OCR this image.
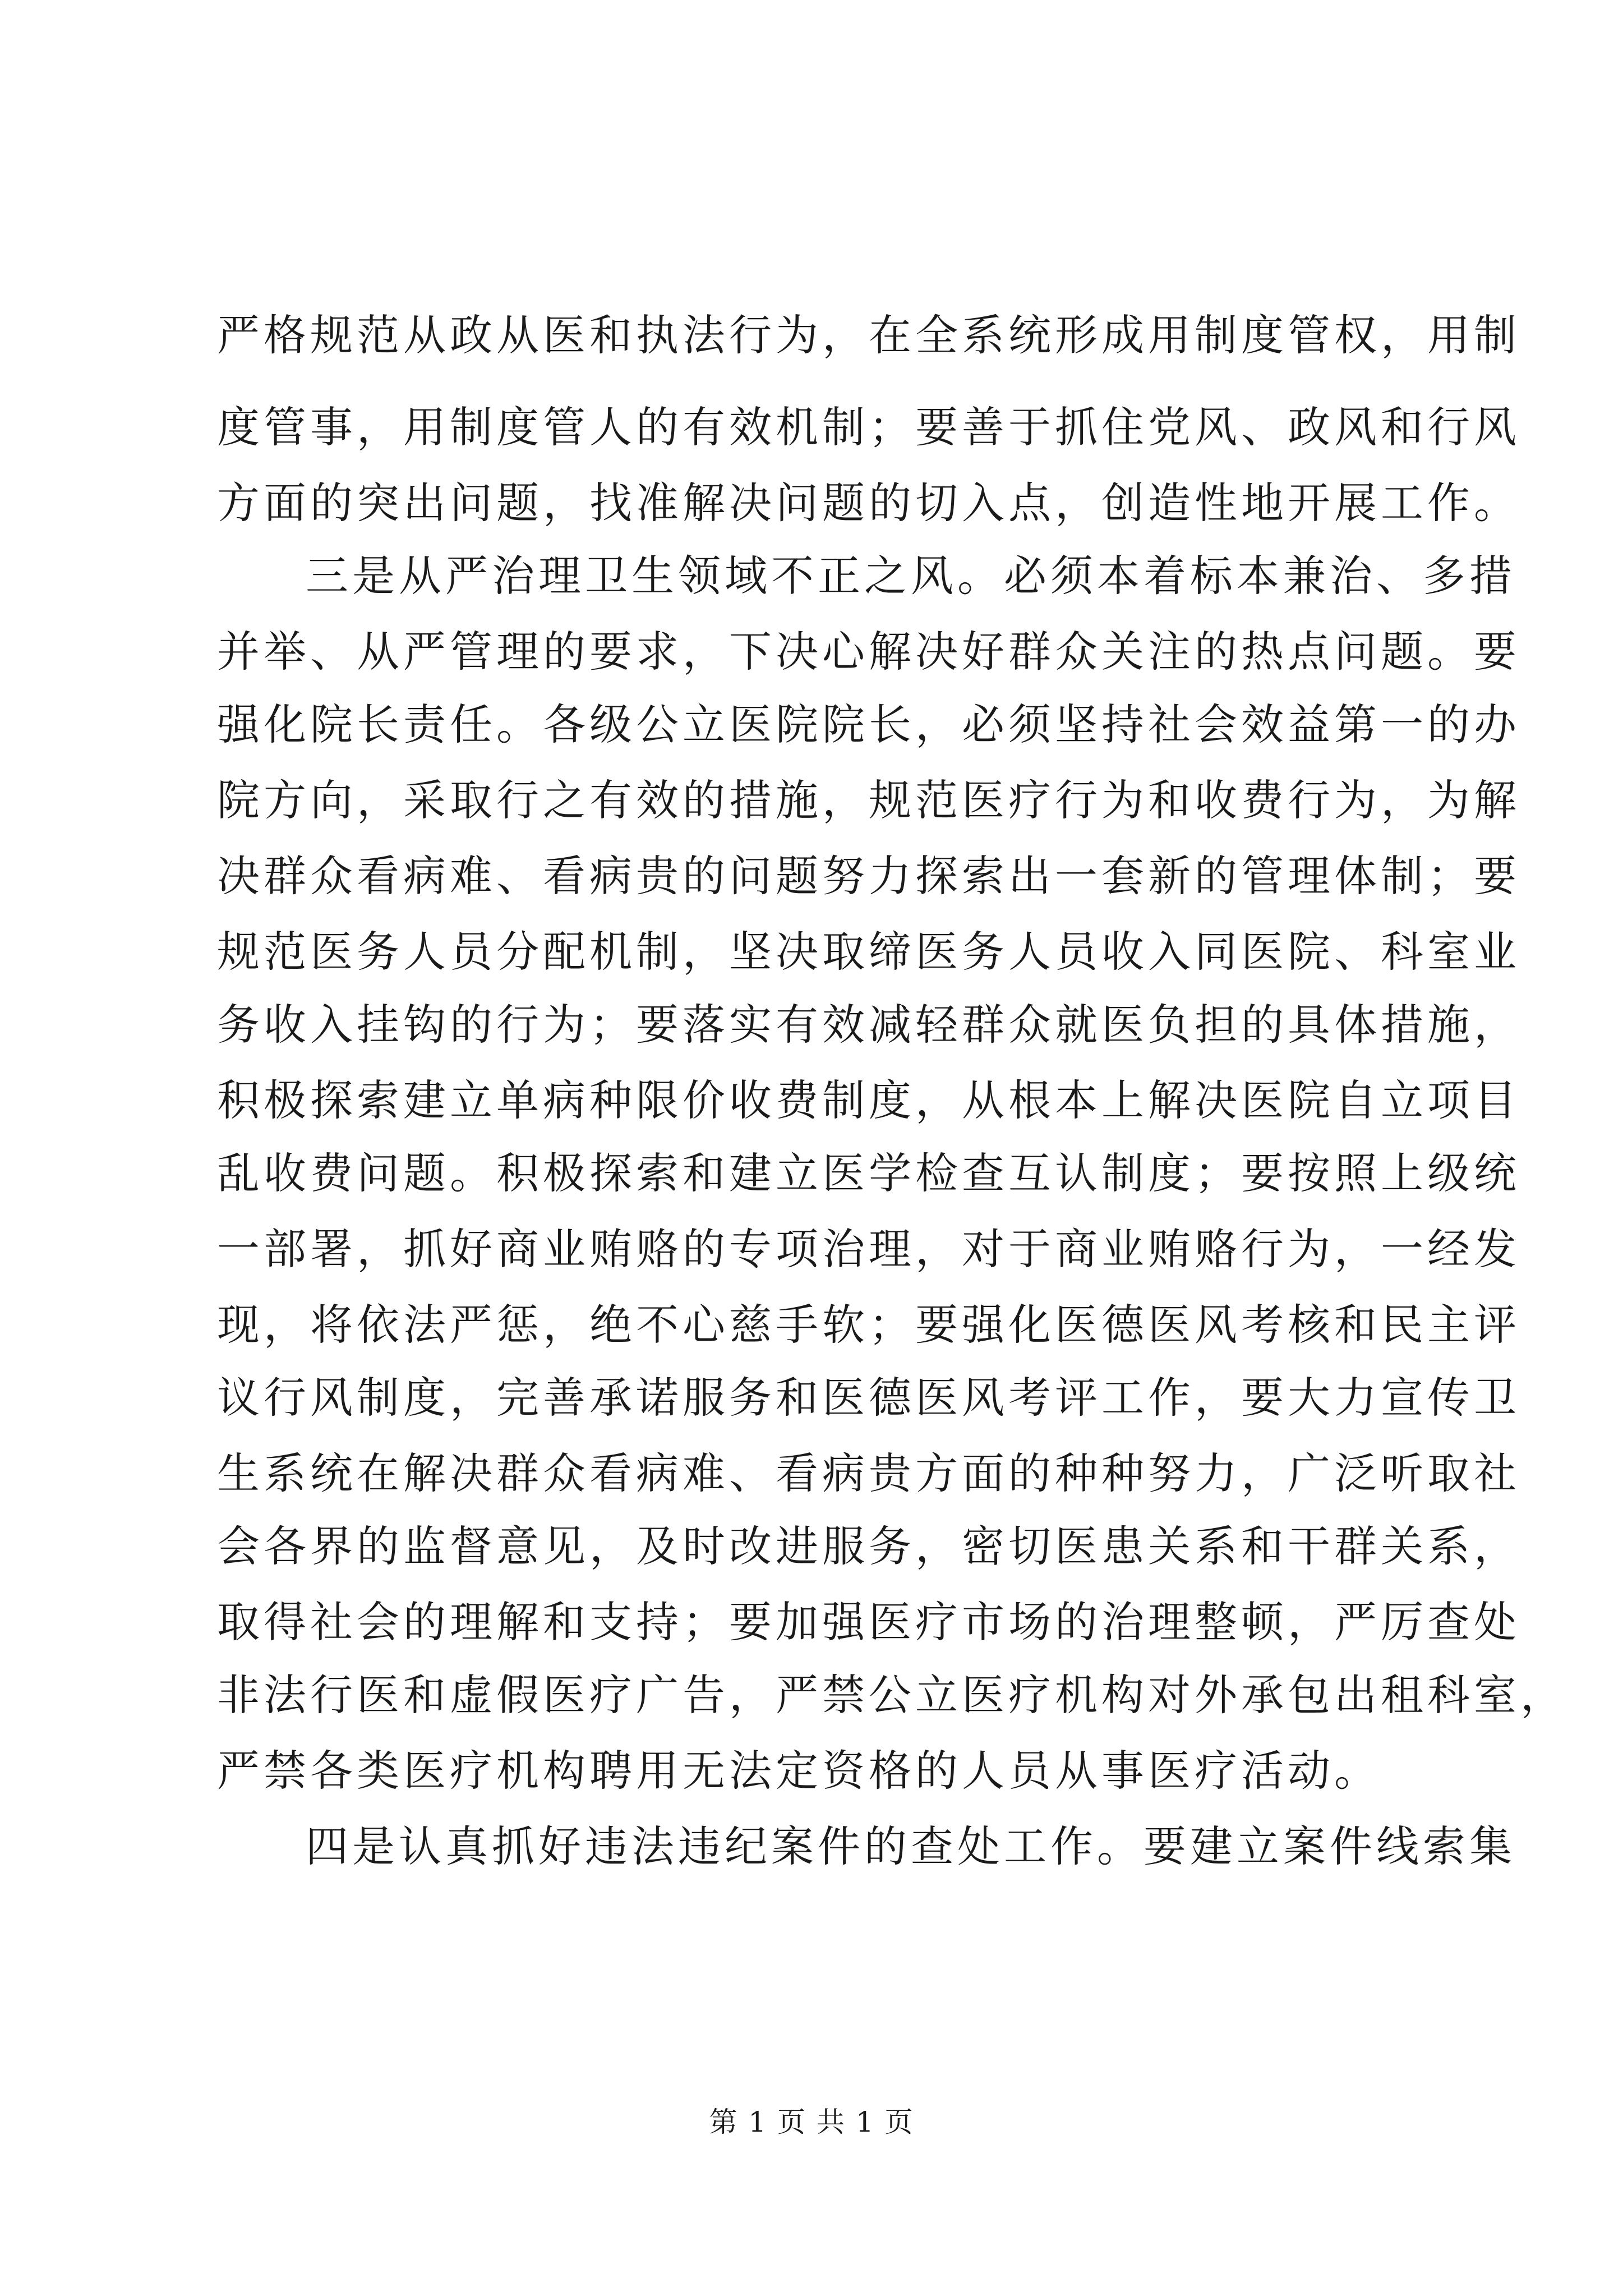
严格规范从政从医和执法行为，在全系统形成用制度管权，用制
度管事，用制度管人的有效机制；要善于抓住党风、政风和行风
方面的突出问题，找准解决问题的切入点，创造性地开展工作。
三是从严治理卫生领域不正之风。必须本着标本兼治、多措
并举、从严管理的要求，下决心解决好群众关注的热点问题。要
强化院长责任。各级公立医院院长，必须坚持社会效益第一的办
院方向，采取行之有效的措施，规范医疗行为和收费行为，为解
决群众看病难、看病贵的问题努力探索出一套新的管理体制；要
规范医务人员分配机制，坚决取缔医务人员收入同医院、科室业
务收入挂钩的行为；要落实有效减轻群众就医负担的具体措施，
积极探索建立单病种限价收费制度，从根本上解决医院自立项目
乱收费问题。积极探索和建立医学检查互认制度；要按照上级统
一部署，抓好商业贿赂的专项治理，对于商业贿赂行为，一经发
现，将依法严惩，绝不心慈手软；要强化医德医风考核和民主评
议行风制度，完善承诺服务和医德医风考评工作，要大力宣传卫
生系统在解决群众看病难、看病贵方面的种种努力，广泛听取社
会各界的监督意见，及时改进服务，密切医患关系和干群关系，
取得社会的理解和支持；要加强医疗市场的治理整顿，严厉查处
非法行医和虚假医疗广告，严禁公立医疗机构对外承包出租科室，
严禁各类医疗机构聘用无法定资格的人员从事医疗活动。
四是认真抓好违法违纪案件的查处工作。要建立案件线索集
第 1 页 共 1 页
